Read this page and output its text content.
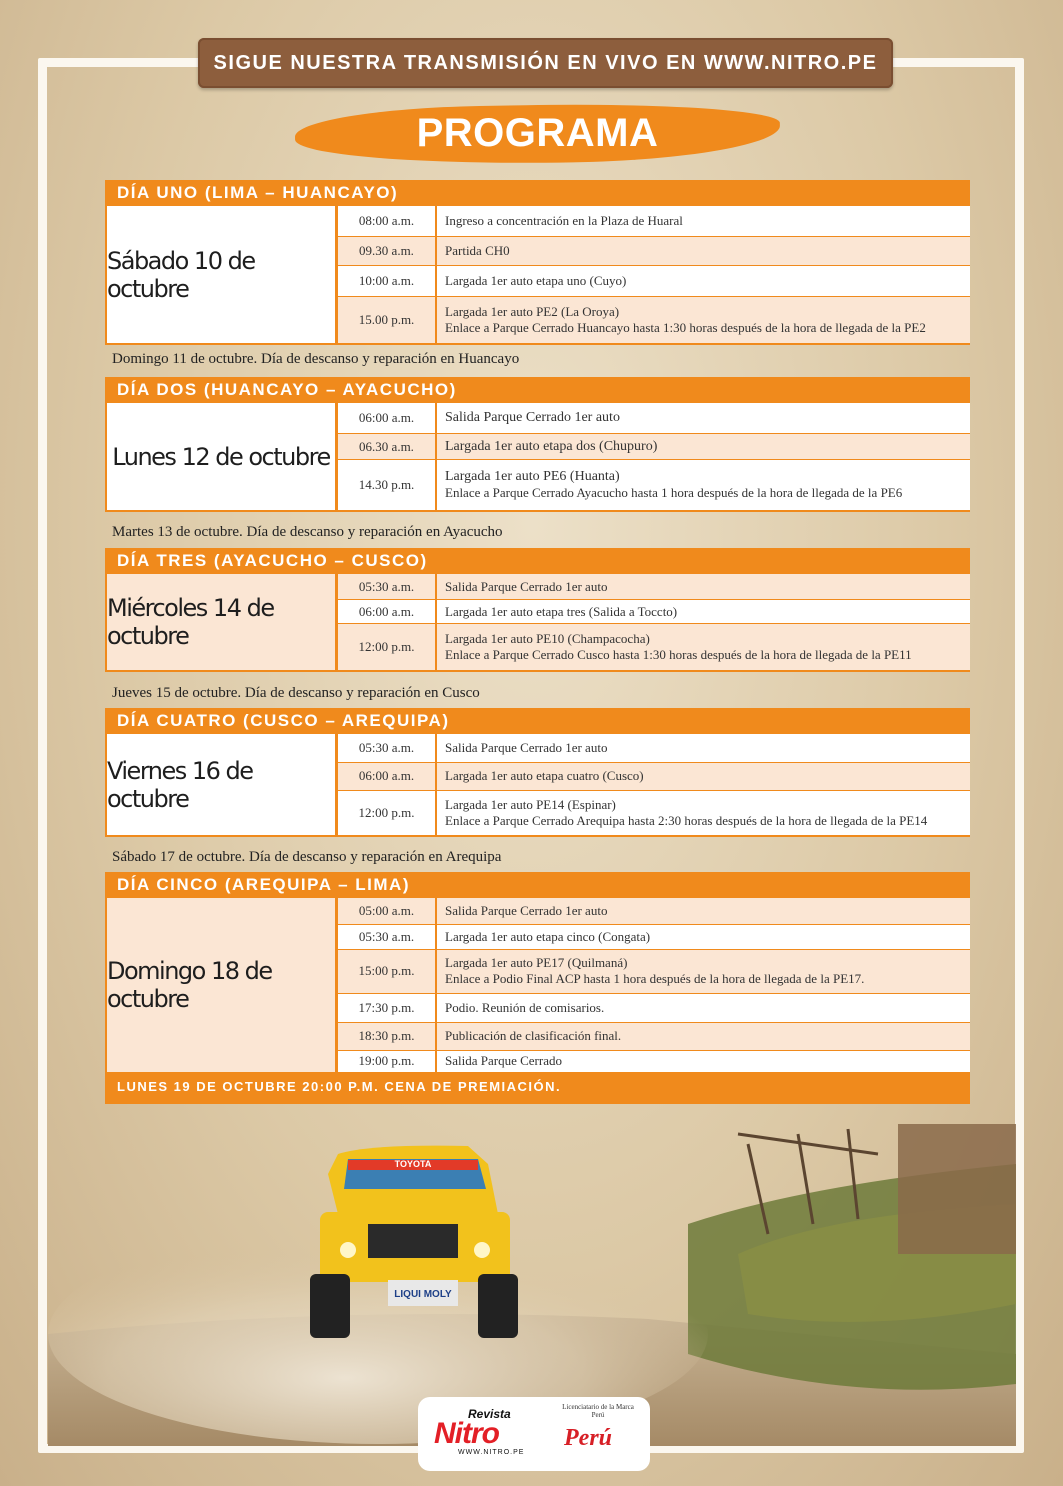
SIGUE NUESTRA TRANSMISIÓN EN VIVO EN WWW.NITRO.PE
PROGRAMA
DÍA UNO (LIMA – HUANCAYO)
Sábado 10 de octubre
08:00 a.m.	Ingreso a concentración en la Plaza de Huaral
09.30 a.m.	Partida CH0
10:00 a.m.	Largada 1er auto etapa uno (Cuyo)
15.00 p.m.
Largada 1er auto PE2 (La Oroya)
Enlace a Parque Cerrado Huancayo hasta 1:30 horas después de la hora de llegada de la PE2
Domingo 11 de octubre. Día de descanso y reparación en Huancayo
DÍA DOS (HUANCAYO – AYACUCHO)
Lunes 12 de octubre
06:00 a.m.	Salida Parque Cerrado 1er auto
06.30 a.m.	Largada 1er auto etapa dos (Chupuro)
14.30 p.m.
Largada 1er auto PE6 (Huanta)
Enlace a Parque Cerrado Ayacucho hasta 1 hora después de la hora de llegada de la PE6
Martes 13 de octubre. Día de descanso y reparación en Ayacucho
DÍA TRES (AYACUCHO – CUSCO)
Miércoles 14 de octubre
05:30 a.m.	Salida Parque Cerrado 1er auto
06:00 a.m.	Largada 1er auto etapa tres (Salida a Toccto)
12:00 p.m.
Largada 1er auto PE10 (Champacocha)
Enlace a Parque Cerrado Cusco hasta 1:30 horas después de la hora de llegada de la PE11
Jueves 15 de octubre. Día de descanso y reparación en Cusco
DÍA CUATRO (CUSCO – AREQUIPA)
Viernes 16 de octubre
05:30 a.m.	Salida Parque Cerrado 1er auto
06:00 a.m.	Largada 1er auto etapa cuatro (Cusco)
12:00 p.m.
Largada 1er auto PE14 (Espinar)
Enlace a Parque Cerrado Arequipa hasta 2:30 horas después de la hora de llegada de la PE14
Sábado 17 de octubre. Día de descanso y reparación en Arequipa
DÍA CINCO (AREQUIPA – LIMA)
Domingo 18 de octubre
05:00 a.m.	Salida Parque Cerrado 1er auto
05:30 a.m.	Largada 1er auto etapa cinco (Congata)
15:00 p.m.
Largada 1er auto PE17 (Quilmaná)
Enlace a Podio Final ACP hasta 1 hora después de la hora de llegada de la PE17.
17:30 p.m.	Podio. Reunión de comisarios.
18:30 p.m.	Publicación de clasificación final.
19:00 p.m.	Salida Parque Cerrado
LUNES 19 DE OCTUBRE 20:00 P.M. CENA DE PREMIACIÓN.
TOYOTA
LIQUI MOLY
Revista
Nitro
WWW.NITRO.PE
Licenciatario de la Marca Perú
Perú
